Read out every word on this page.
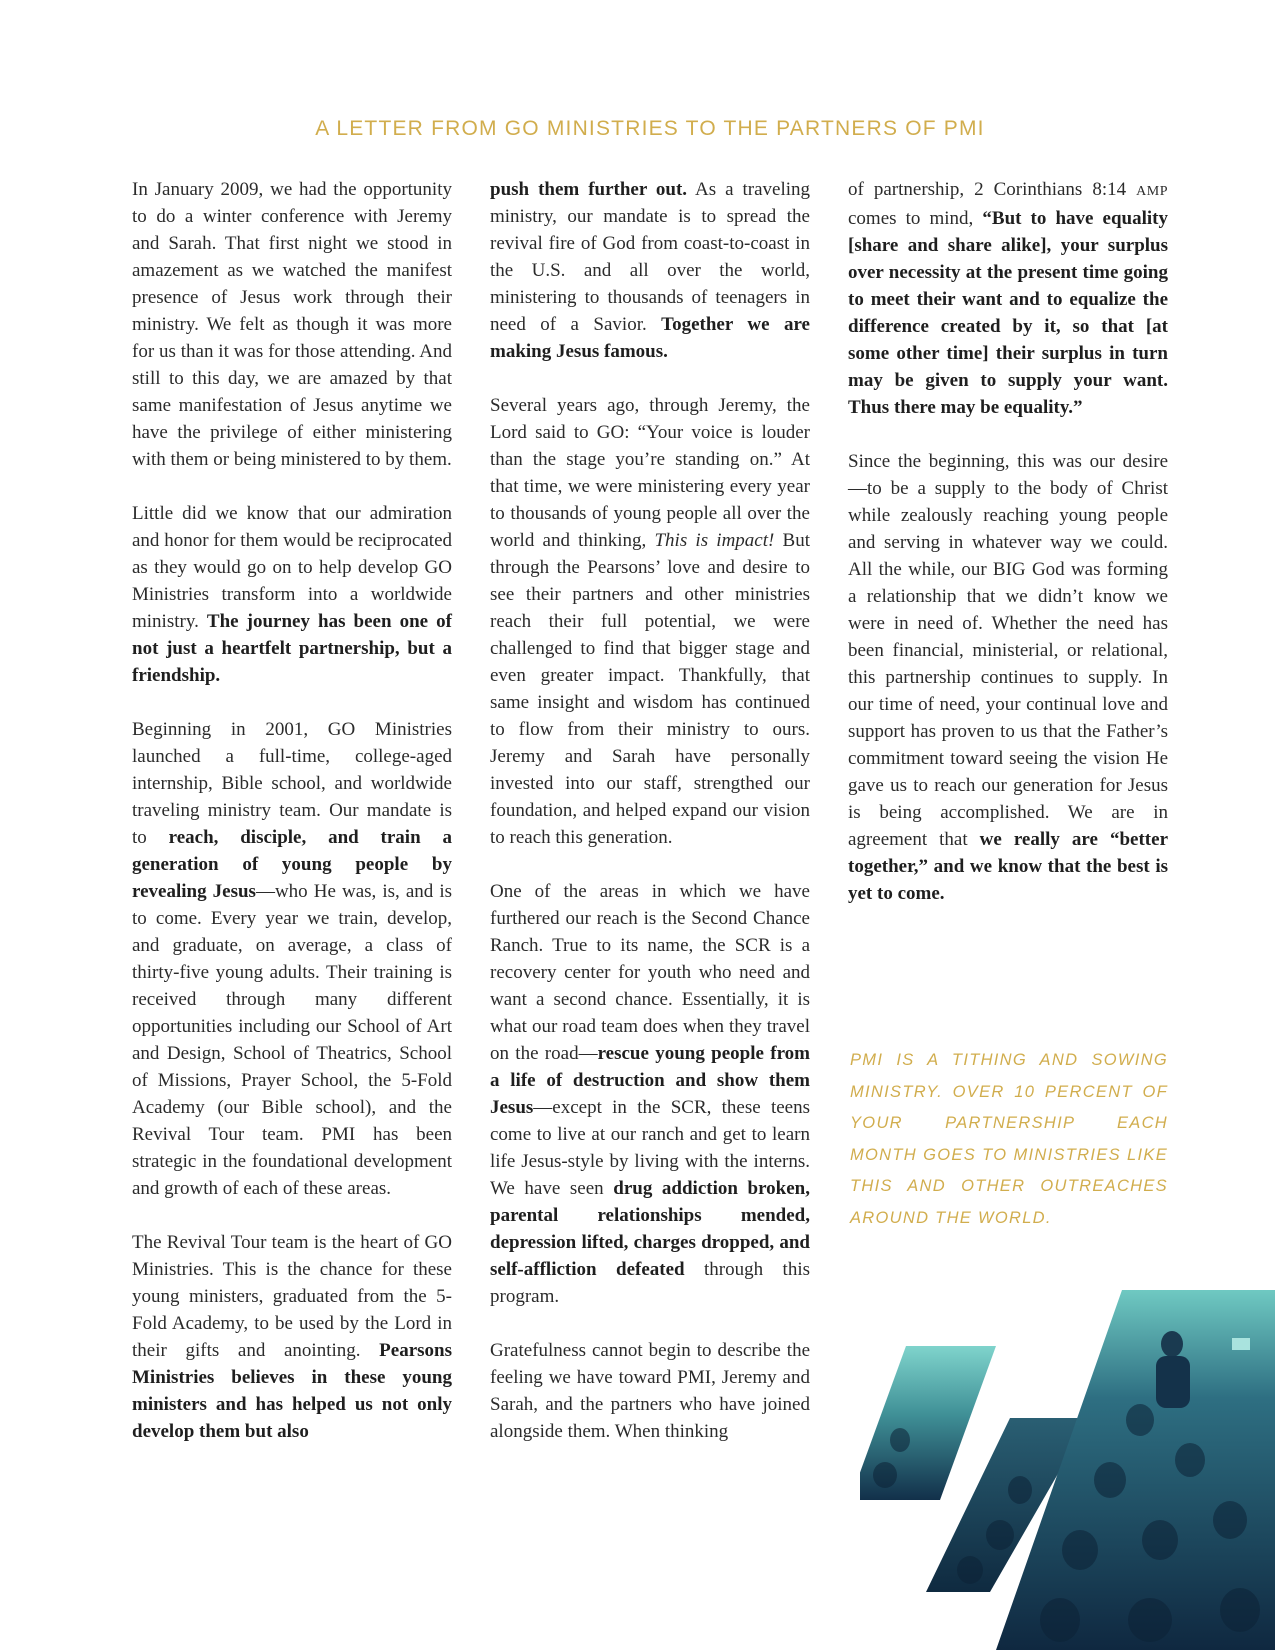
A LETTER FROM GO MINISTRIES TO THE PARTNERS OF PMI

In January 2009, we had the opportunity to do a winter conference with Jeremy and Sarah. That first night we stood in amazement as we watched the manifest presence of Jesus work through their ministry. We felt as though it was more for us than it was for those attending. And still to this day, we are amazed by that same manifestation of Jesus anytime we have the privilege of either ministering with them or being ministered to by them.

Little did we know that our admiration and honor for them would be reciprocated as they would go on to help develop GO Ministries transform into a worldwide ministry. The journey has been one of not just a heartfelt partnership, but a friendship.

Beginning in 2001, GO Ministries launched a full-time, college-aged internship, Bible school, and worldwide traveling ministry team. Our mandate is to reach, disciple, and train a generation of young people by revealing Jesus—who He was, is, and is to come. Every year we train, develop, and graduate, on average, a class of thirty-five young adults. Their training is received through many different opportunities including our School of Art and Design, School of Theatrics, School of Missions, Prayer School, the 5-Fold Academy (our Bible school), and the Revival Tour team. PMI has been strategic in the foundational development and growth of each of these areas.

The Revival Tour team is the heart of GO Ministries. This is the chance for these young ministers, graduated from the 5-Fold Academy, to be used by the Lord in their gifts and anointing. Pearsons Ministries believes in these young ministers and has helped us not only develop them but also

push them further out. As a traveling ministry, our mandate is to spread the revival fire of God from coast-to-coast in the U.S. and all over the world, ministering to thousands of teenagers in need of a Savior. Together we are making Jesus famous.

Several years ago, through Jeremy, the Lord said to GO: “Your voice is louder than the stage you’re standing on.” At that time, we were ministering every year to thousands of young people all over the world and thinking, This is impact! But through the Pearsons’ love and desire to see their partners and other ministries reach their full potential, we were challenged to find that bigger stage and even greater impact. Thankfully, that same insight and wisdom has continued to flow from their ministry to ours. Jeremy and Sarah have personally invested into our staff, strengthed our foundation, and helped expand our vision to reach this generation.

One of the areas in which we have furthered our reach is the Second Chance Ranch. True to its name, the SCR is a recovery center for youth who need and want a second chance. Essentially, it is what our road team does when they travel on the road—rescue young people from a life of destruction and show them Jesus—except in the SCR, these teens come to live at our ranch and get to learn life Jesus-style by living with the interns. We have seen drug addiction broken, parental relationships mended, depression lifted, charges dropped, and self-affliction defeated through this program.

Gratefulness cannot begin to describe the feeling we have toward PMI, Jeremy and Sarah, and the partners who have joined alongside them. When thinking

of partnership, 2 Corinthians 8:14 AMP comes to mind, “But to have equality [share and share alike], your surplus over necessity at the present time going to meet their want and to equalize the difference created by it, so that [at some other time] their surplus in turn may be given to supply your want. Thus there may be equality.”

Since the beginning, this was our desire—to be a supply to the body of Christ while zealously reaching young people and serving in whatever way we could. All the while, our BIG God was forming a relationship that we didn’t know we were in need of. Whether the need has been financial, ministerial, or relational, this partnership continues to supply. In our time of need, your continual love and support has proven to us that the Father’s commitment toward seeing the vision He gave us to reach our generation for Jesus is being accomplished. We are in agreement that we really are “better together,” and we know that the best is yet to come.

PMI IS A TITHING AND SOWING MINISTRY. OVER 10 PERCENT OF YOUR PARTNERSHIP EACH MONTH GOES TO MINISTRIES LIKE THIS AND OTHER OUTREACHES AROUND THE WORLD.
